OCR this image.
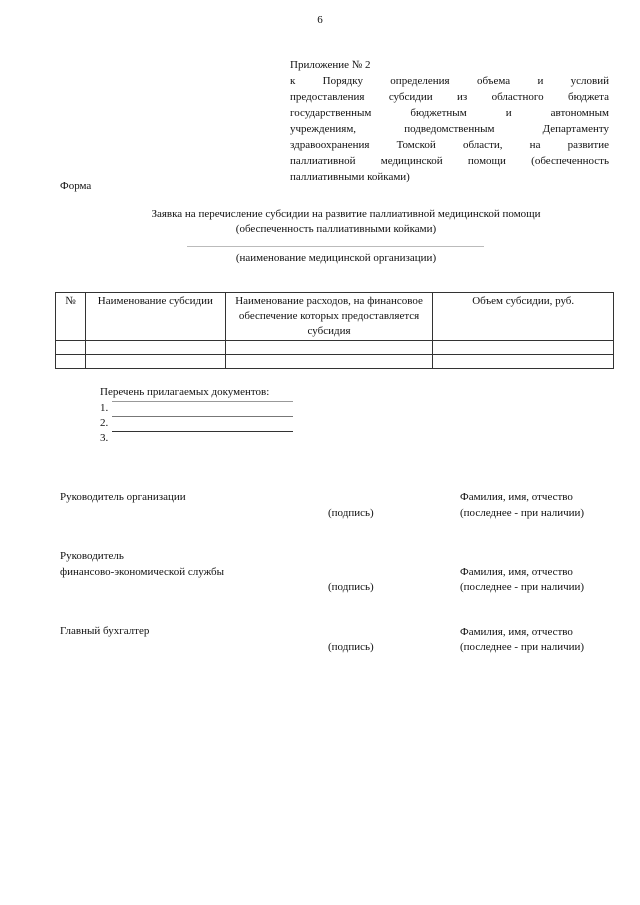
6
Приложение № 2
к Порядку определения объема и условий
предоставления субсидии из областного бюджета
государственным бюджетным и автономным
учреждениям, подведомственным Департаменту
здравоохранения Томской области, на развитие
паллиативной медицинской помощи (обеспеченность
паллиативными койками)
Форма
Заявка на перечисление субсидии на развитие паллиативной медицинской помощи
(обеспеченность паллиативными койками)
(наименование медицинской организации)
№	Наименование субсидии	Наименование расходов, на финансовое обеспечение которых предоставляется субсидия	Объем субсидии, руб.

Перечень прилагаемых документов:
1.
2.
3.
Руководитель организации
(подпись)
Фамилия, имя, отчество
(последнее - при наличии)
Руководитель
финансово-экономической службы
(подпись)
Фамилия, имя, отчество
(последнее - при наличии)
Главный бухгалтер
(подпись)
Фамилия, имя, отчество
(последнее - при наличии)
